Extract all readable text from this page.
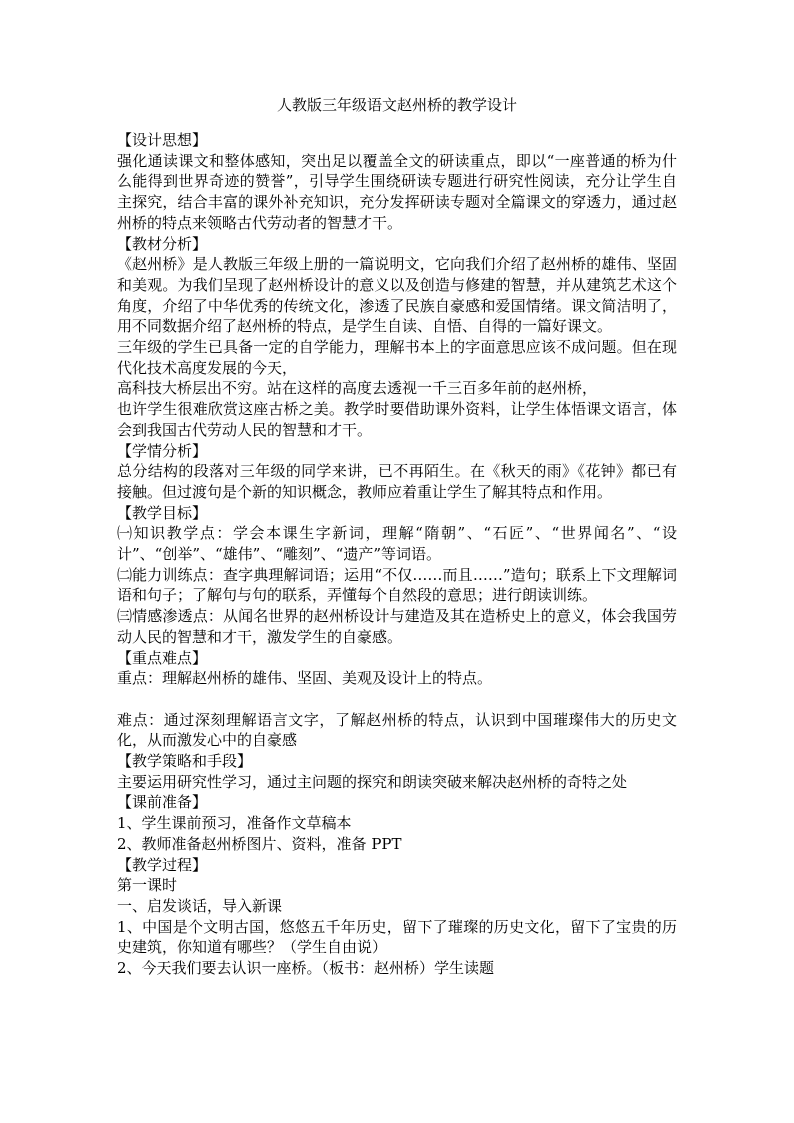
人教版三年级语文赵州桥的教学设计

【设计思想】

强化通读课文和整体感知，突出足以覆盖全文的研读重点，即以“一座普通的桥为什么能得到世界奇迹的赞誉”，引导学生围绕研读专题进行研究性阅读，充分让学生自主探究，结合丰富的课外补充知识，充分发挥研读专题对全篇课文的穿透力，通过赵州桥的特点来领略古代劳动者的智慧才干。

【教材分析】

《赵州桥》是人教版三年级上册的一篇说明文，它向我们介绍了赵州桥的雄伟、坚固和美观。为我们呈现了赵州桥设计的意义以及创造与修建的智慧，并从建筑艺术这个角度，介绍了中华优秀的传统文化，渗透了民族自豪感和爱国情绪。课文简洁明了，用不同数据介绍了赵州桥的特点，是学生自读、自悟、自得的一篇好课文。

三年级的学生已具备一定的自学能力，理解书本上的字面意思应该不成问题。但在现代化技术高度发展的今天，

高科技大桥层出不穷。站在这样的高度去透视一千三百多年前的赵州桥，

也许学生很难欣赏这座古桥之美。教学时要借助课外资料，让学生体悟课文语言，体会到我国古代劳动人民的智慧和才干。

【学情分析】

总分结构的段落对三年级的同学来讲，已不再陌生。在《秋天的雨》《花钟》都已有接触。但过渡句是个新的知识概念，教师应着重让学生了解其特点和作用。

【教学目标】

㈠知识教学点：学会本课生字新词，理解“隋朝”、“石匠”、“世界闻名”、“设计”、“创举”、“雄伟”、“雕刻”、“遗产”等词语。

㈡能力训练点：查字典理解词语；运用“不仅……而且……”造句；联系上下文理解词语和句子；了解句与句的联系，弄懂每个自然段的意思；进行朗读训练。

㈢情感渗透点：从闻名世界的赵州桥设计与建造及其在造桥史上的意义，体会我国劳动人民的智慧和才干，激发学生的自豪感。

【重点难点】

重点：理解赵州桥的雄伟、坚固、美观及设计上的特点。

难点：通过深刻理解语言文字，了解赵州桥的特点，认识到中国璀璨伟大的历史文化，从而激发心中的自豪感

【教学策略和手段】

主要运用研究性学习，通过主问题的探究和朗读突破来解决赵州桥的奇特之处

【课前准备】

1、学生课前预习，准备作文草稿本

2、教师准备赵州桥图片、资料，准备 PPT

【教学过程】

第一课时

一、启发谈话，导入新课

1、中国是个文明古国，悠悠五千年历史，留下了璀璨的历史文化，留下了宝贵的历史建筑，你知道有哪些？（学生自由说）

2、今天我们要去认识一座桥。（板书：赵州桥）学生读题
